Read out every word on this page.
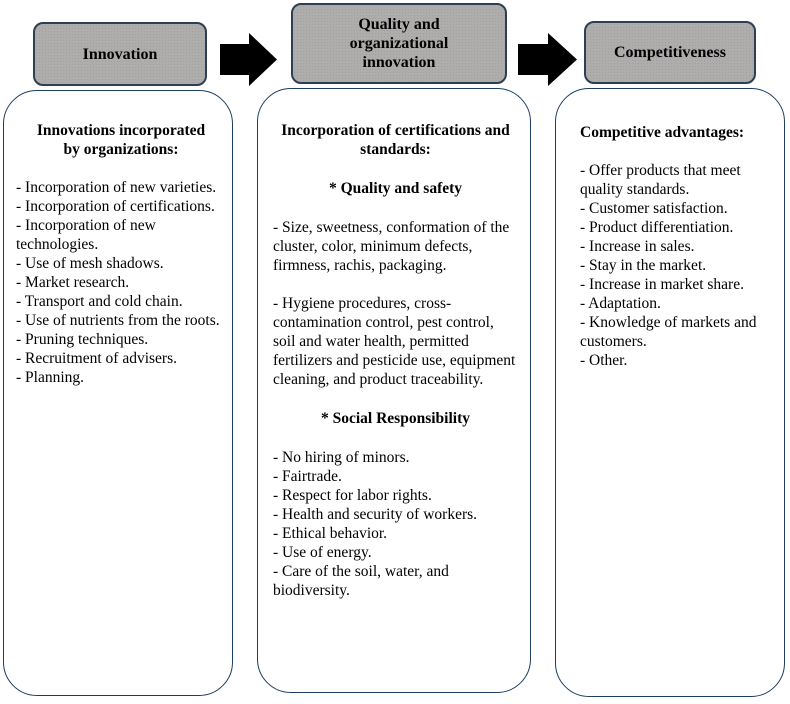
Innovation
Quality and organizational innovation
Competitiveness
Innovations incorporated by organizations:
- Incorporation of new varieties.
- Incorporation of certifications.
- Incorporation of new technologies.
- Use of mesh shadows.
- Market research.
- Transport and cold chain.
- Use of nutrients from the roots.
- Pruning techniques.
- Recruitment of advisers.
- Planning.
Incorporation of certifications and standards:
* Quality and safety
- Size, sweetness, conformation of the cluster, color, minimum defects, firmness, rachis, packaging.
- Hygiene procedures, cross-contamination control, pest control, soil and water health, permitted fertilizers and pesticide use, equipment cleaning, and product traceability.
* Social Responsibility
- No hiring of minors.
- Fairtrade.
- Respect for labor rights.
- Health and security of workers.
- Ethical behavior.
- Use of energy.
- Care of the soil, water, and biodiversity.
Competitive advantages:
- Offer products that meet quality standards.
- Customer satisfaction.
- Product differentiation.
- Increase in sales.
- Stay in the market.
- Increase in market share.
- Adaptation.
- Knowledge of markets and customers.
- Other.
